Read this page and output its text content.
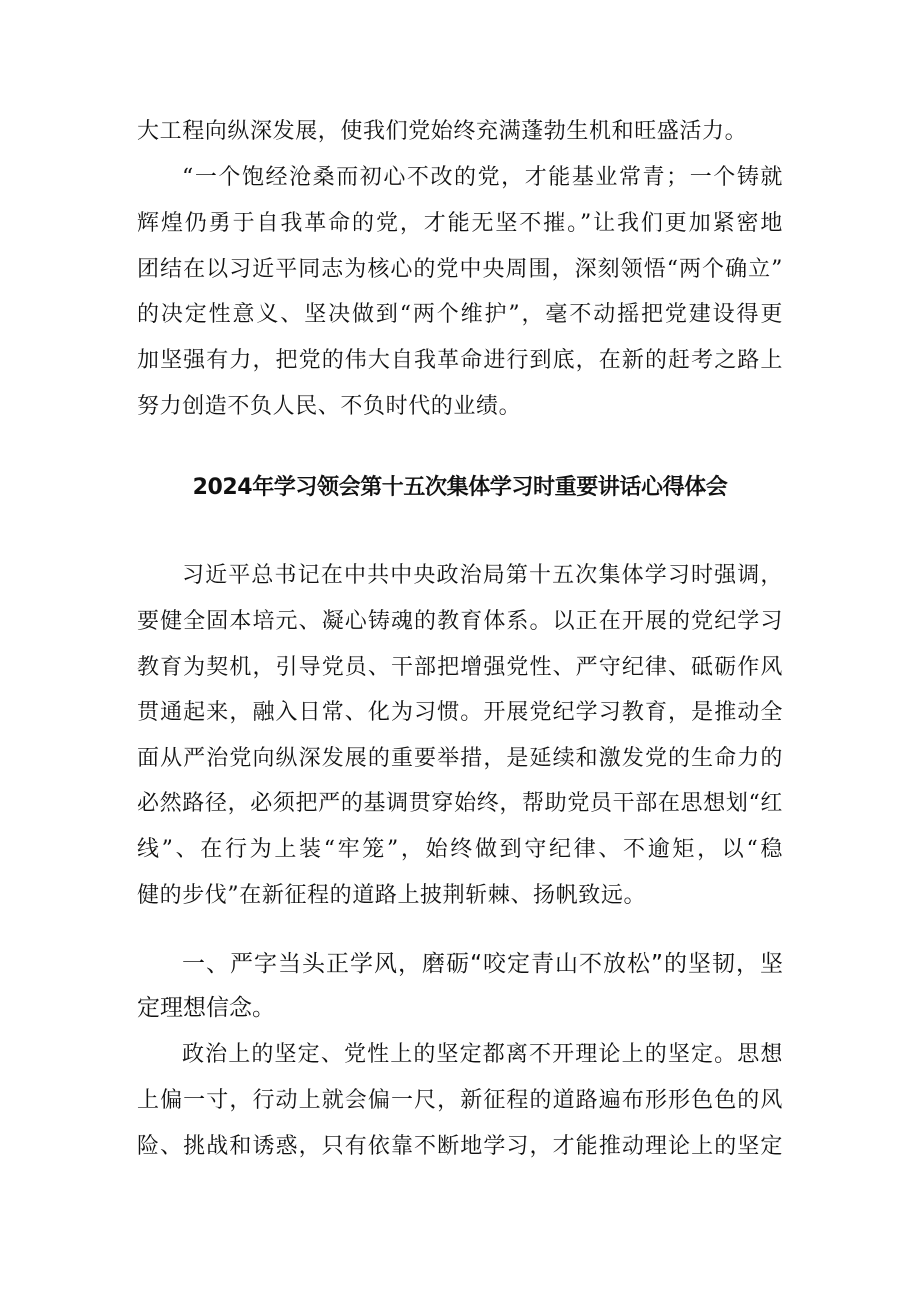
大工程向纵深发展，使我们党始终充满蓬勃生机和旺盛活力。
“一个饱经沧桑而初心不改的党，才能基业常青；一个铸就
辉煌仍勇于自我革命的党，才能无坚不摧。”让我们更加紧密地
团结在以习近平同志为核心的党中央周围，深刻领悟“两个确立”
的决定性意义、坚决做到“两个维护”，毫不动摇把党建设得更
加坚强有力，把党的伟大自我革命进行到底，在新的赶考之路上
努力创造不负人民、不负时代的业绩。
2024年学习领会第十五次集体学习时重要讲话心得体会
习近平总书记在中共中央政治局第十五次集体学习时强调，
要健全固本培元、凝心铸魂的教育体系。以正在开展的党纪学习
教育为契机，引导党员、干部把增强党性、严守纪律、砥砺作风
贯通起来，融入日常、化为习惯。开展党纪学习教育，是推动全
面从严治党向纵深发展的重要举措，是延续和激发党的生命力的
必然路径，必须把严的基调贯穿始终，帮助党员干部在思想划“红
线”、在行为上装“牢笼”，始终做到守纪律、不逾矩，以“稳
健的步伐”在新征程的道路上披荆斩棘、扬帆致远。
一、严字当头正学风，磨砺“咬定青山不放松”的坚韧，坚
定理想信念。
政治上的坚定、党性上的坚定都离不开理论上的坚定。思想
上偏一寸，行动上就会偏一尺，新征程的道路遍布形形色色的风
险、挑战和诱惑，只有依靠不断地学习，才能推动理论上的坚定
